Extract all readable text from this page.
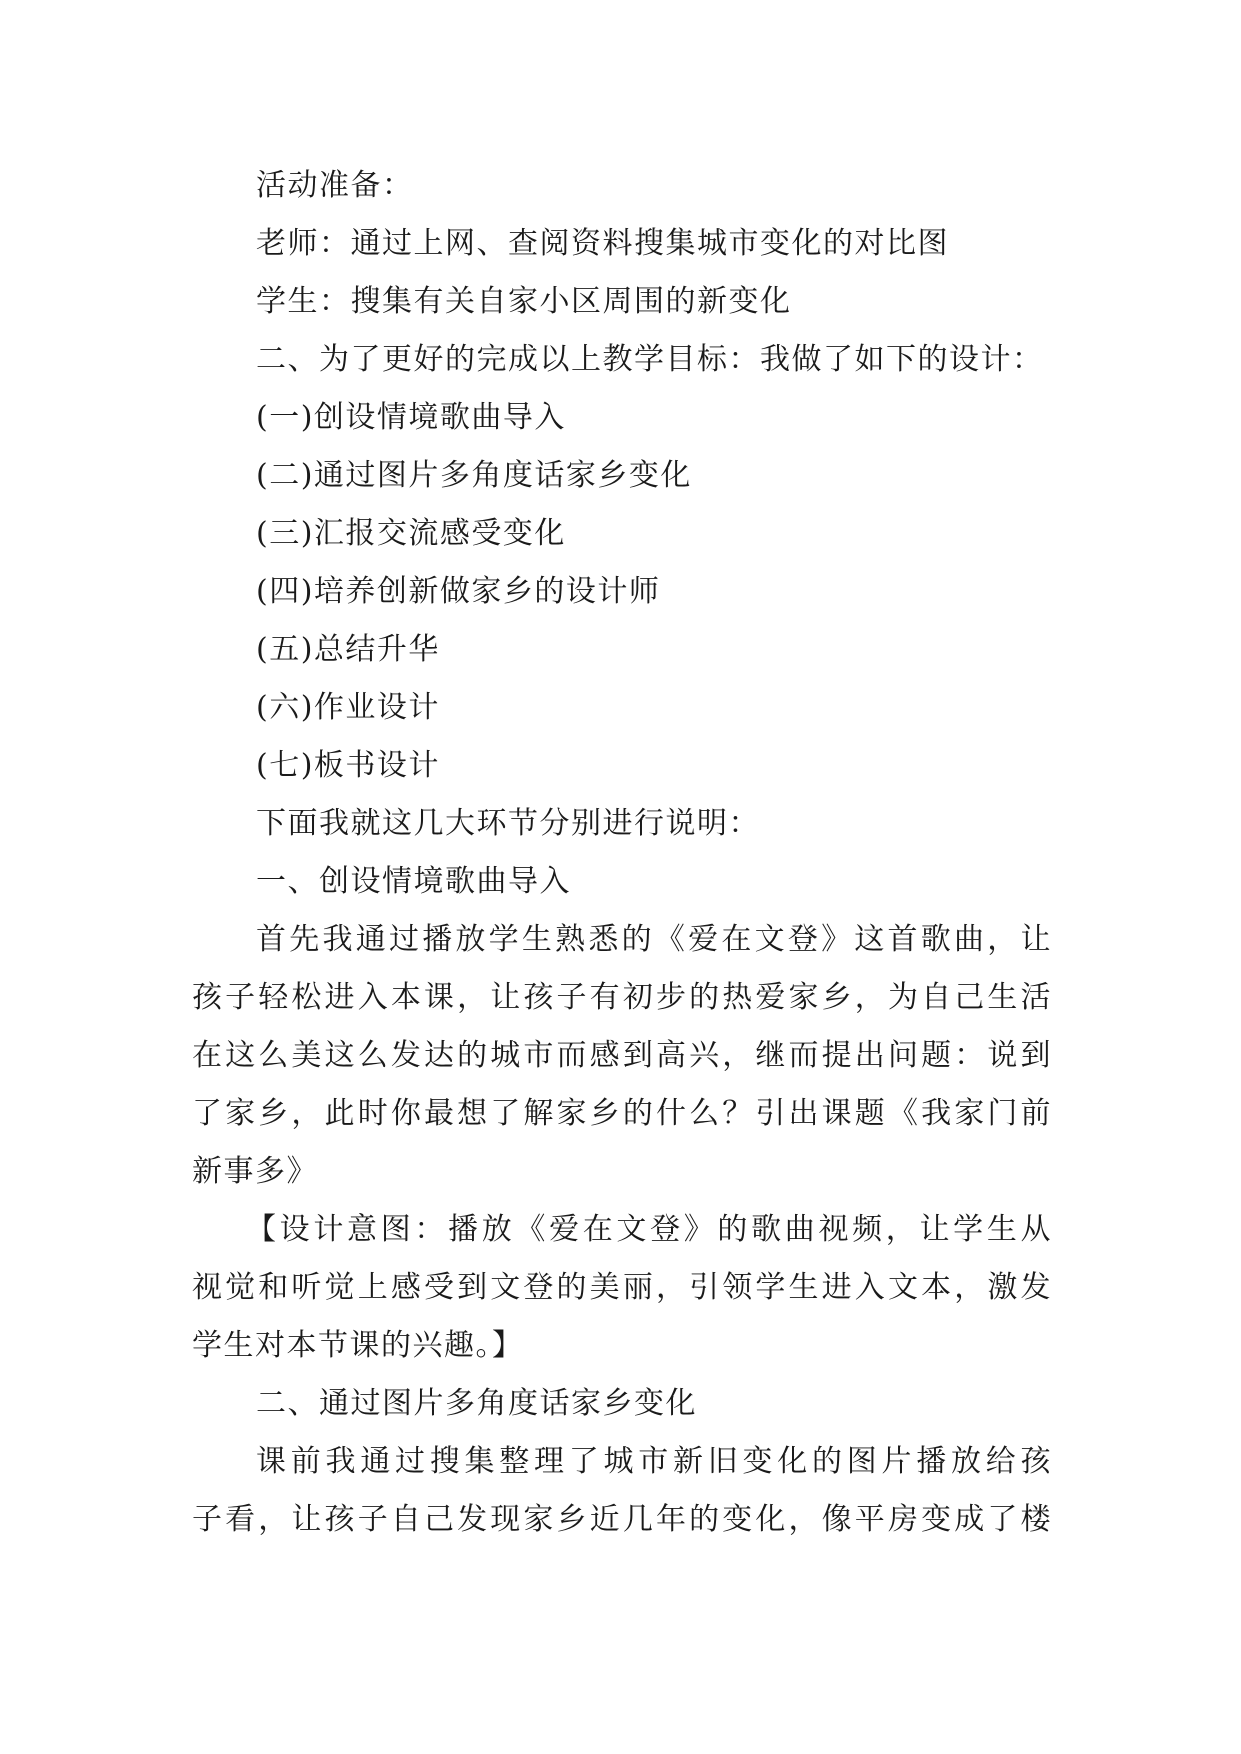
活动准备：
老师：通过上网、查阅资料搜集城市变化的对比图
学生：搜集有关自家小区周围的新变化
二、为了更好的完成以上教学目标：我做了如下的设计：
(一)创设情境歌曲导入
(二)通过图片多角度话家乡变化
(三)汇报交流感受变化
(四)培养创新做家乡的设计师
(五)总结升华
(六)作业设计
(七)板书设计
下面我就这几大环节分别进行说明：
一、创设情境歌曲导入
首先我通过播放学生熟悉的《爱在文登》这首歌曲，让
孩子轻松进入本课，让孩子有初步的热爱家乡，为自己生活
在这么美这么发达的城市而感到高兴，继而提出问题：说到
了家乡，此时你最想了解家乡的什么？引出课题《我家门前
新事多》
【设计意图：播放《爱在文登》的歌曲视频，让学生从
视觉和听觉上感受到文登的美丽，引领学生进入文本，激发
学生对本节课的兴趣。】
二、通过图片多角度话家乡变化
课前我通过搜集整理了城市新旧变化的图片播放给孩
子看，让孩子自己发现家乡近几年的变化，像平房变成了楼
